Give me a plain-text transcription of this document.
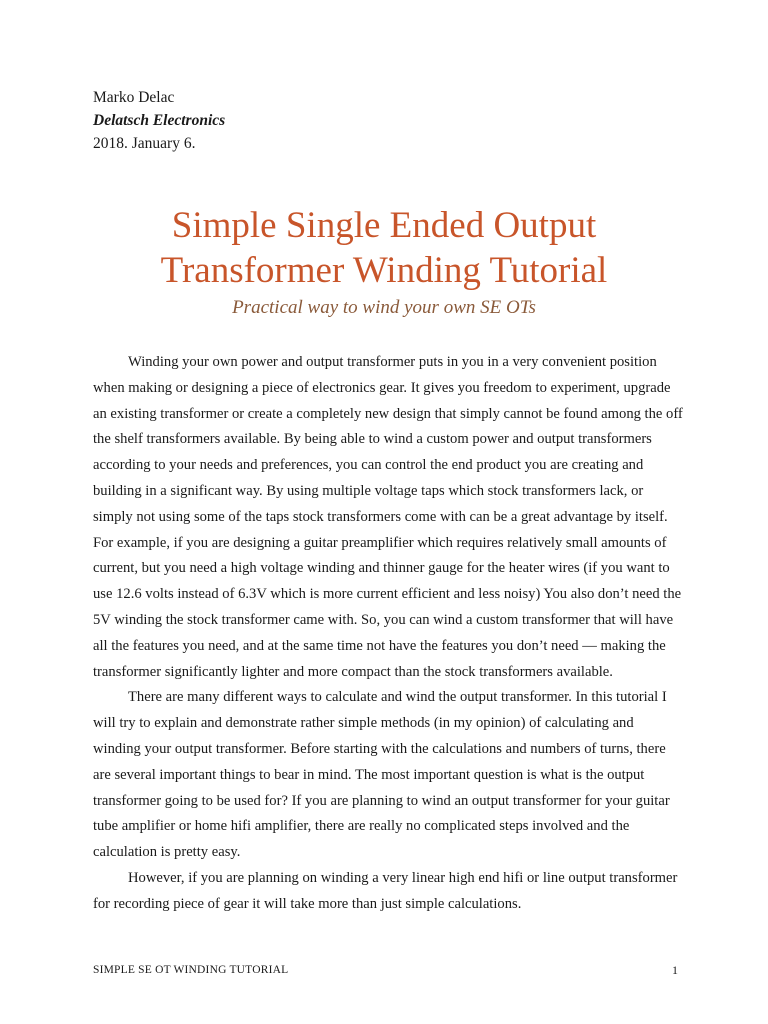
Marko Delac
Delatsch Electronics
2018. January 6.
Simple Single Ended Output
Transformer Winding Tutorial
Practical way to wind your own SE OTs

Winding your own power and output transformer puts in you in a very convenient position when making or designing a piece of electronics gear. It gives you freedom to experiment, upgrade an existing transformer or create a completely new design that simply cannot be found among the off the shelf transformers available. By being able to wind a custom power and output transformers according to your needs and preferences, you can control the end product you are creating and building in a significant way. By using multiple voltage taps which stock transformers lack, or simply not using some of the taps stock transformers come with can be a great advantage by itself. For example, if you are designing a guitar preamplifier which requires relatively small amounts of current, but you need a high voltage winding and thinner gauge for the heater wires (if you want to use 12.6 volts instead of 6.3V which is more current efficient and less noisy) You also don’t need the 5V winding the stock transformer came with. So, you can wind a custom transformer that will have all the features you need, and at the same time not have the features you don’t need — making the transformer significantly lighter and more compact than the stock transformers available.

There are many different ways to calculate and wind the output transformer. In this tutorial I will try to explain and demonstrate rather simple methods (in my opinion) of calculating and winding your output transformer. Before starting with the calculations and numbers of turns, there are several important things to bear in mind. The most important question is what is the output transformer going to be used for? If you are planning to wind an output transformer for your guitar tube amplifier or home hifi amplifier, there are really no complicated steps involved and the calculation is pretty easy.

However, if you are planning on winding a very linear high end hifi or line output transformer for recording piece of gear it will take more than just simple calculations.

SIMPLE SE OT WINDING TUTORIAL	1
